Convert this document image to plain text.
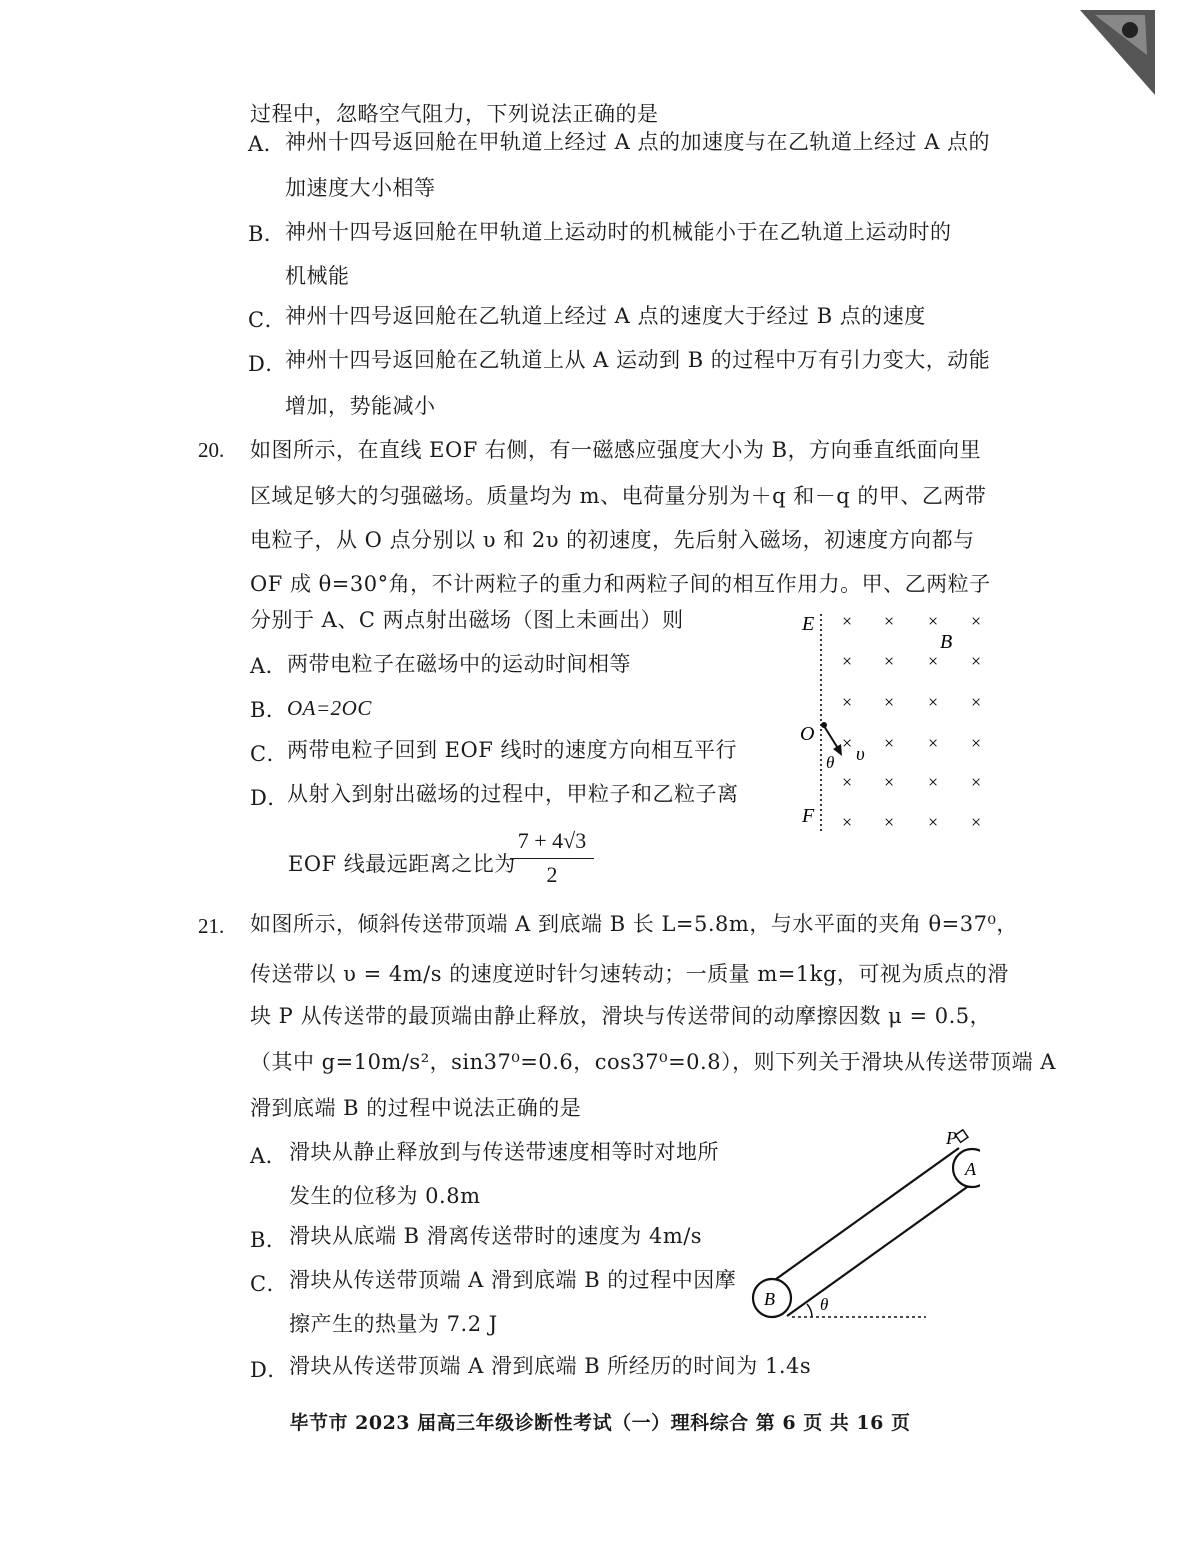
过程中，忽略空气阻力，下列说法正确的是
A． 神州十四号返回舱在甲轨道上经过 A 点的加速度与在乙轨道上经过 A 点的
加速度大小相等
B． 神州十四号返回舱在甲轨道上运动时的机械能小于在乙轨道上运动时的
机械能
C．
神州十四号返回舱在乙轨道上经过 A 点的速度大于经过 B 点的速度
D．
神州十四号返回舱在乙轨道上从 A 运动到 B 的过程中万有引力变大，动能
增加，势能减小
20. 如图所示，在直线 EOF 右侧，有一磁感应强度大小为 B，方向垂直纸面向里
区域足够大的匀强磁场。质量均为 m、电荷量分别为＋q 和－q 的甲、乙两带
电粒子，从 O 点分别以 υ 和 2υ 的初速度，先后射入磁场，初速度方向都与
OF 成 θ=30°角，不计两粒子的重力和两粒子间的相互作用力。甲、乙两粒子
分别于 A、C 两点射出磁场（图上未画出）则
A． 两带电粒子在磁场中的运动时间相等
B． OA=2OC
C．
两带电粒子回到 EOF 线时的速度方向相互平行
D．
从射入到射出磁场的过程中，甲粒子和乙粒子离
EOF 线最远距离之比为
7 + 4√3
2
E
O
F
B
θ υ
× × × ×
× × × ×
× × × ×
× × × ×
× × × ×
× × × ×
21. 如图所示，倾斜传送带顶端 A 到底端 B 长 L=5.8m，与水平面的夹角 θ=37⁰，
传送带以 υ = 4m/s 的速度逆时针匀速转动；一质量 m=1kg，可视为质点的滑
块 P 从传送带的最顶端由静止释放，滑块与传送带间的动摩擦因数 μ = 0.5，
（其中 g=10m/s²，sin37⁰=0.6，cos37⁰=0.8），则下列关于滑块从传送带顶端 A
滑到底端 B 的过程中说法正确的是
A． 滑块从静止释放到与传送带速度相等时对地所
发生的位移为 0.8m
B． 滑块从底端 B 滑离传送带时的速度为 4m/s
C． 滑块从传送带顶端 A 滑到底端 B 的过程中因摩
擦产生的热量为 7.2 J
D． 滑块从传送带顶端 A 滑到底端 B 所经历的时间为 1.4s
A
B
P
θ
毕节市 2023 届高三年级诊断性考试（一）理科综合 第 6 页 共 16 页
